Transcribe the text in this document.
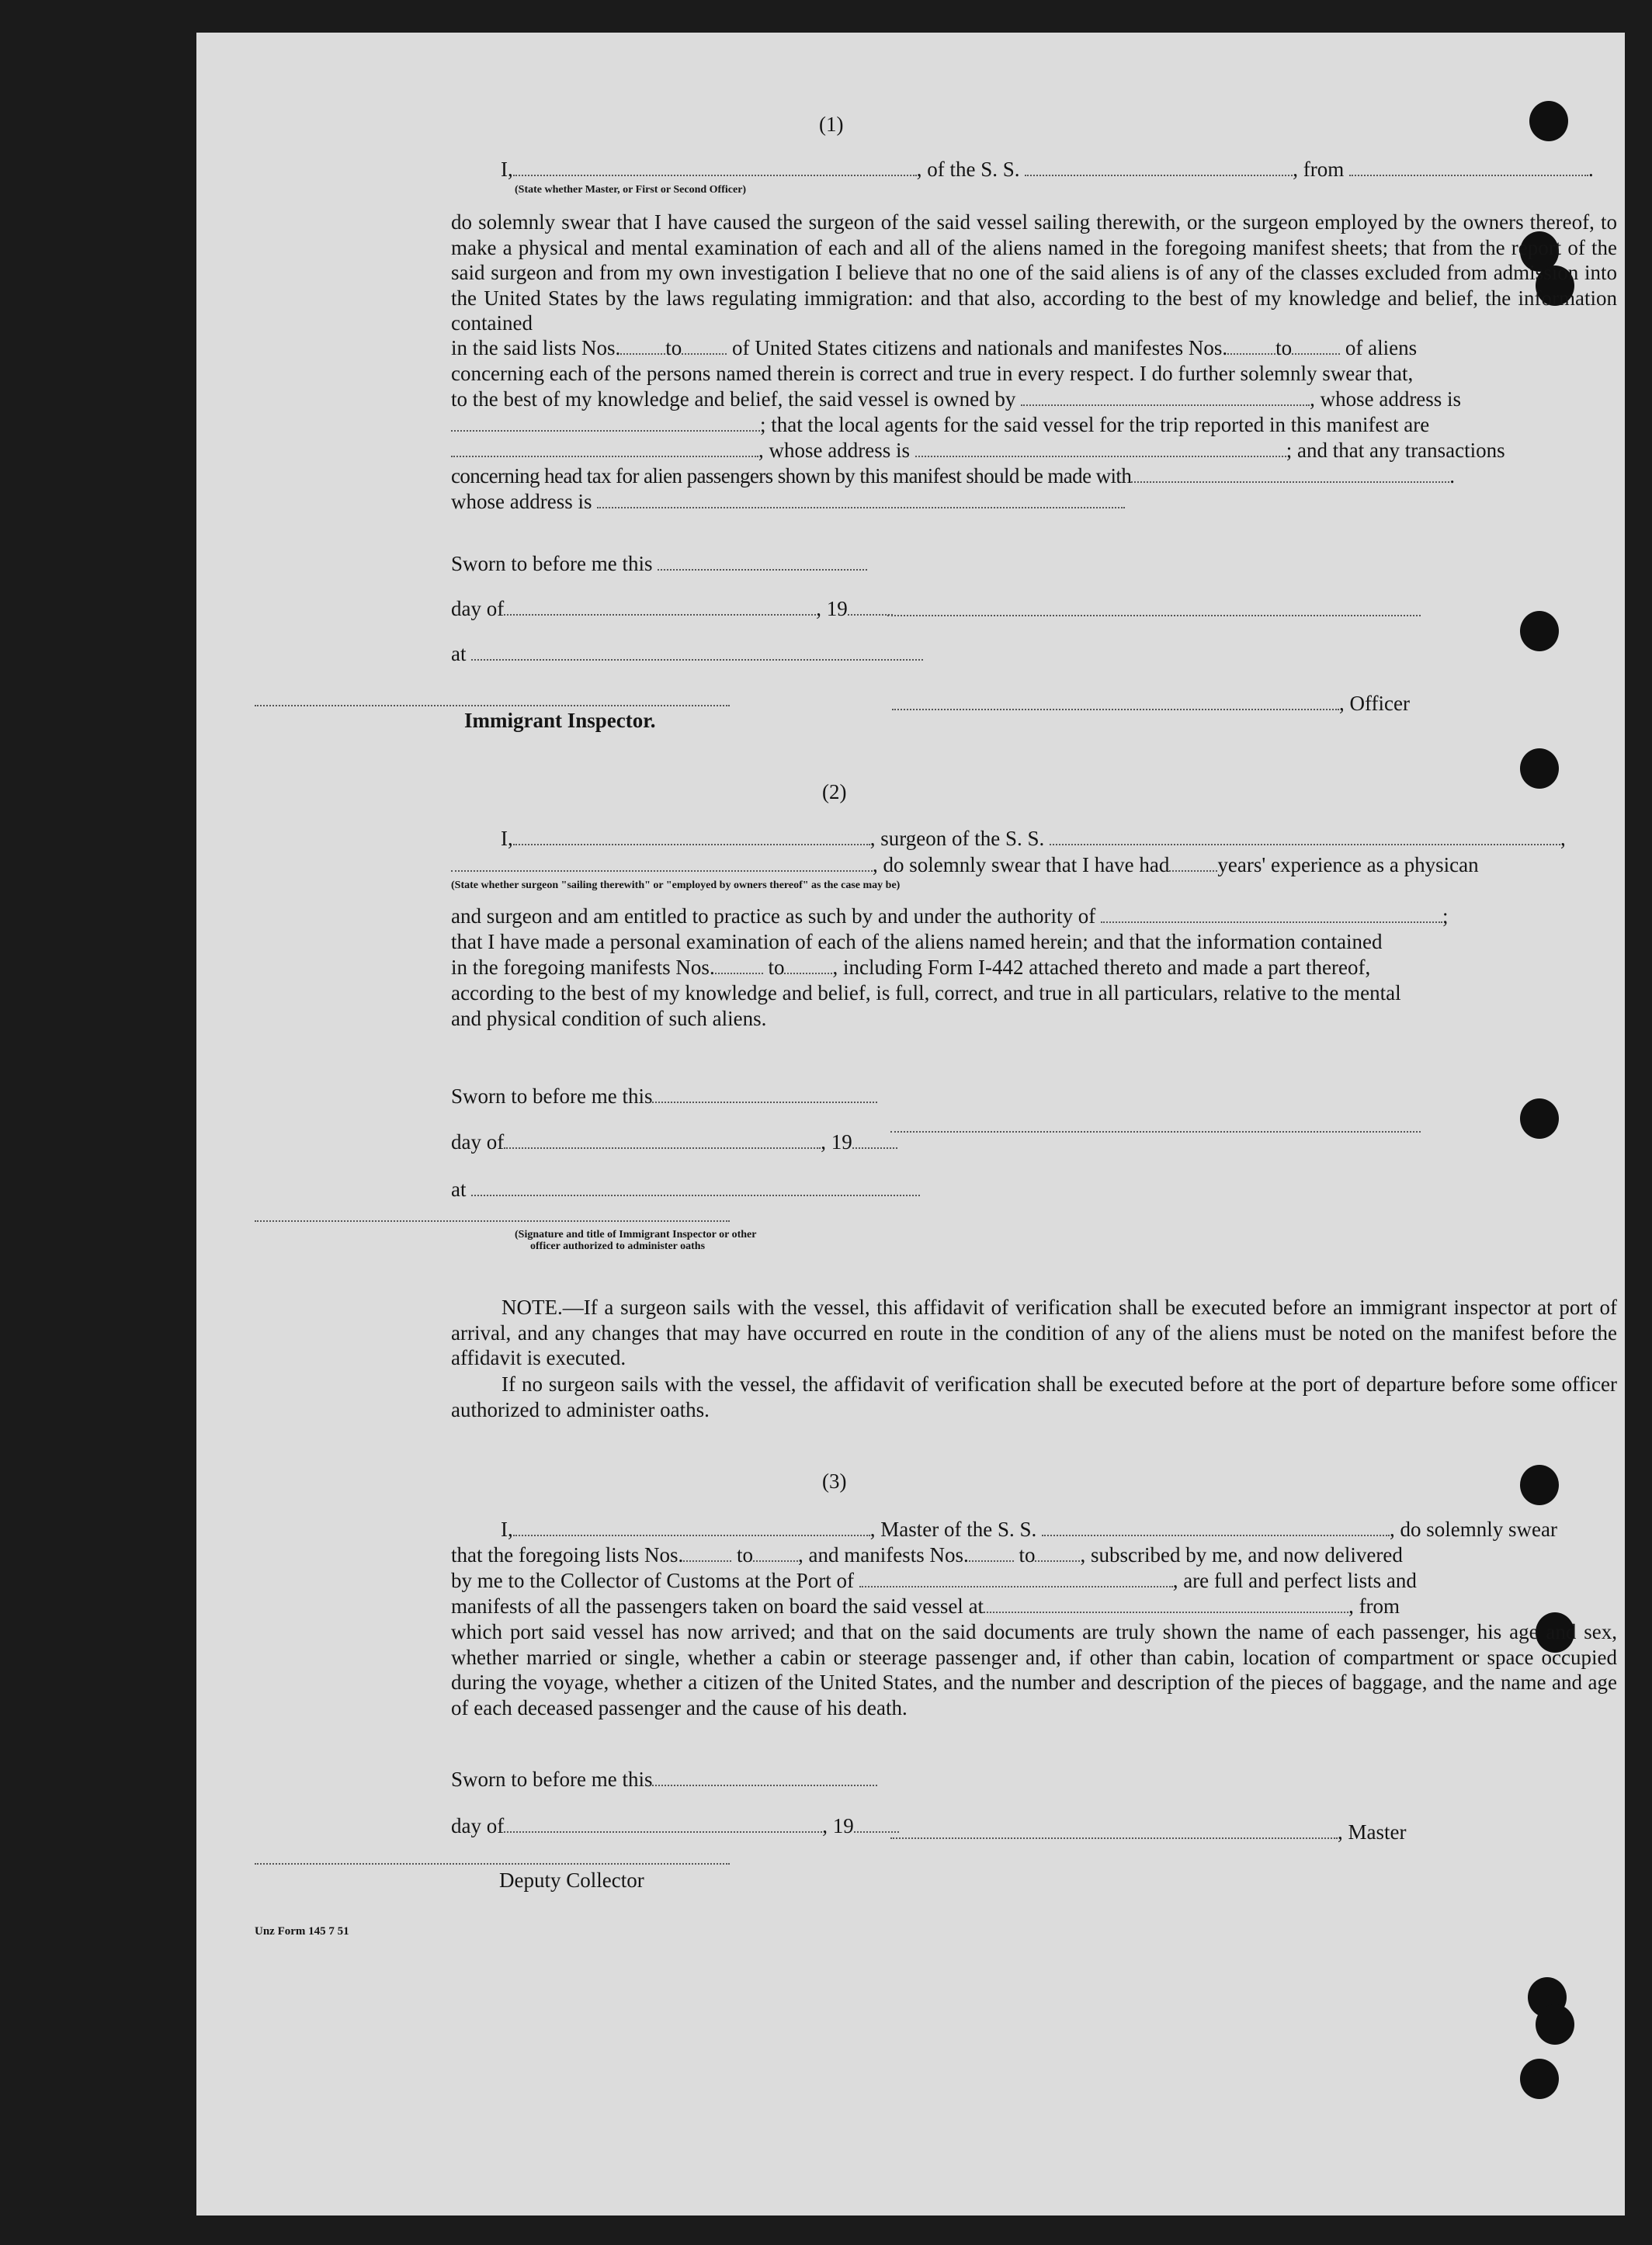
(1)
I,	, of the S. S.	, from	.
(State whether Master, or First or Second Officer)
do solemnly swear that I have caused the surgeon of the said vessel sailing therewith, or the surgeon employed by the owners thereof, to make a physical and mental examination of each and all of the aliens named in the foregoing manifest sheets; that from the report of the said surgeon and from my own investigation I believe that no one of the said aliens is of any of the classes excluded from admission into the United States by the laws regulating immigration: and that also, according to the best of my knowledge and belief, the information contained
in the said lists Nos. to of United States citizens and nationals and manifestes Nos. to	of aliens
concerning each of the persons named therein is correct and true in every respect. I do further solemnly swear that,
to the best of my knowledge and belief, the said vessel is owned by	, whose address is
; that the local agents for the said vessel for the trip reported in this manifest are
, whose address is	; and that any transactions
concerning head tax for alien passengers shown by this manifest should be made with	.
whose address is
Sworn to before me this
day of	, 19
at
, Officer
Immigrant Inspector.
(2)
I,	, surgeon of the S. S.	,
, do solemnly swear that I have had years' experience as a physican
(State whether surgeon "sailing therewith" or "employed by owners thereof" as the case may be)
and surgeon and am entitled to practice as such by and under the authority of	;
that I have made a personal examination of each of the aliens named herein; and that the information contained
in the foregoing manifests Nos.	to , including Form I-442 attached thereto and made a part thereof,
according to the best of my knowledge and belief, is full, correct, and true in all particulars, relative to the mental
and physical condition of such aliens.
Sworn to before me this
day of	, 19
at
(Signature and title of Immigrant Inspector or other
officer authorized to administer oaths
NOTE.—If a surgeon sails with the vessel, this affidavit of verification shall be executed before an immigrant inspector at port of arrival, and any changes that may have occurred en route in the condition of any of the aliens must be noted on the manifest before the affidavit is executed.
If no surgeon sails with the vessel, the affidavit of verification shall be executed before at the port of departure before some officer authorized to administer oaths.
(3)
I,	, Master of the S. S.	, do solemnly swear
that the foregoing lists Nos.	to , and manifests Nos. to , subscribed by me, and now delivered
by me to the Collector of Customs at the Port of	, are full and perfect lists and
manifests of all the passengers taken on board the said vessel at	, from
which port said vessel has now arrived; and that on the said documents are truly shown the name of each passenger, his age and sex, whether married or single, whether a cabin or steerage passenger and, if other than cabin, location of compartment or space occupied during the voyage, whether a citizen of the United States, and the number and description of the pieces of baggage, and the name and age of each deceased passenger and the cause of his death.
Sworn to before me this
day of	, 19	, Master
Deputy Collector
Unz Form 145 7 51
